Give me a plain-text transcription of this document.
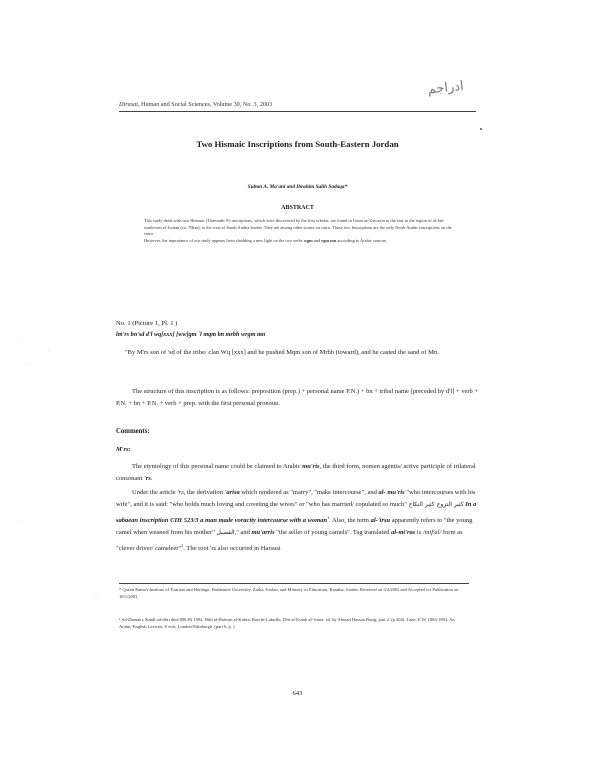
ادراجم
Dirasat, Human and Social Sciences, Volume 30, No. 3, 2003
Two Hismaic Inscriptions from South-Eastern Jordan
Sultan A. Ma'ani and Ibrahim Salih Sadaqa*
ABSTRACT

This study deals with two Hismaic (Thamudic E) inscriptions, which were discovered by the first scholar, are found in Umm az-Zawayin to the east in the region of al-Jafr south-east of Jordan (ca. 70km), to the west of Saudi Arabia border. They are among other stones on cairn. Those two Inscriptions are the only North Arabic inscriptions on the cairn.

However, the importance of our study appears from shedding a new light on the two verbs wgm and rgm mn according to Arabic sources.

No. 1 (Picture 1, Pl. 1 )
lm'rs bn'sd d'l wq[xxx] [ww]gm `l mqm bn mrbh wrgm mn

"By M'rs son of 'sd of the tribe/ clan Wq [xxx] and he pushed Mqm son of Mrbh (toward), and he casted the sand of Mn.

The structure of this inscription is as follows: preposition (prep.) + personal name P.N.) + bn + tribal name [preceded by d'l] + verb + P.N. + bn + P.N. + verb + prep. with the first personal pronoun.

Comments:
M'rs:

The etymology of this personal name could be claimed to Arabic mu'ris, the third form, nomen agentis/ active participle of trilateral consonant 'rs.

Under the article 'rs, the derivation 'arisa which rendered as "marry", "make intercourse", and al- mu'ris "who intercourses with his wife", and it is said: "who holds much loving and coveting the wives" or "who has married/ copulated so much" كثير التزوج كثير النكاح In a sabaean inscription CIH 523/3 a man made voracity intercourse with a woman$^1$. Also, the term al-'irsu apparently refers to "the young camel when weaned from his mother" الفصيل," and mu'arris "the seller of young camels". Tag translated al-mi'ras is /mif'al/ form as "clever driver/ cameleer"$^2$. The root 'rs also occurred in Harsusi

* Queen Rania's Institute of Tourism and Heritage, Hashemite University, Zarka, Jordan, and Ministry of Education, Ramtha, Jordan. Received on 3/4/2002 and Accepted for Publication on 18/1/2003.
¹ Ad-Damairi, Kmdl ad-dln (died 808 H) 1994. Hitb al-Haiwan al-Kubra, Bayrfit-Lubnfln, Dfir al-Kutub al-'ilmia. ed. by Ahmad Hassan Basig, part 2. (p.304). Lane, E.W. 1863-1893, An Arabic-English Lexicon, 8 vols. London-Edinburgh. (part 6, p. )
643
·
·
·
·
· ·
